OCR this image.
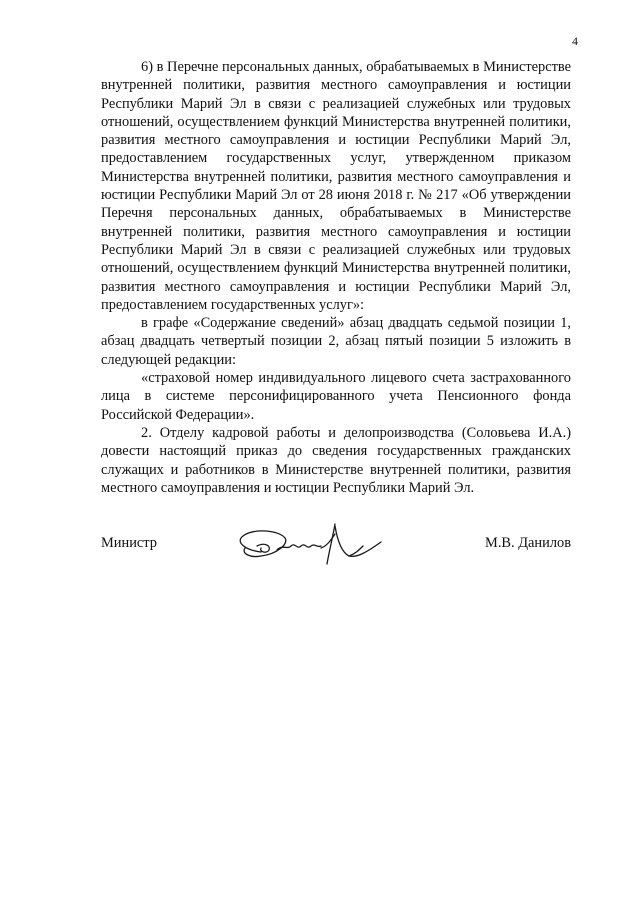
4

6) в Перечне персональных данных, обрабатываемых в Министерстве внутренней политики, развития местного самоуправления и юстиции Республики Марий Эл в связи с реализацией служебных или трудовых отношений, осуществлением функций Министерства внутренней политики, развития местного самоуправления и юстиции Республики Марий Эл, предоставлением государственных услуг, утвержденном приказом Министерства внутренней политики, развития местного самоуправления и юстиции Республики Марий Эл от 28 июня 2018 г. № 217 «Об утверждении Перечня персональных данных, обрабатываемых в Министерстве внутренней политики, развития местного самоуправления и юстиции Республики Марий Эл в связи с реализацией служебных или трудовых отношений, осуществлением функций Министерства внутренней политики, развития местного самоуправления и юстиции Республики Марий Эл, предоставлением государственных услуг»:

в графе «Содержание сведений» абзац двадцать седьмой позиции 1, абзац двадцать четвертый позиции 2, абзац пятый позиции 5 изложить в следующей редакции:

«страховой номер индивидуального лицевого счета застрахованного лица в системе персонифицированного учета Пенсионного фонда Российской Федерации».

2. Отделу кадровой работы и делопроизводства (Соловьева И.А.) довести настоящий приказ до сведения государственных гражданских служащих и работников в Министерстве внутренней политики, развития местного самоуправления и юстиции Республики Марий Эл.

Министр	М.В. Данилов
